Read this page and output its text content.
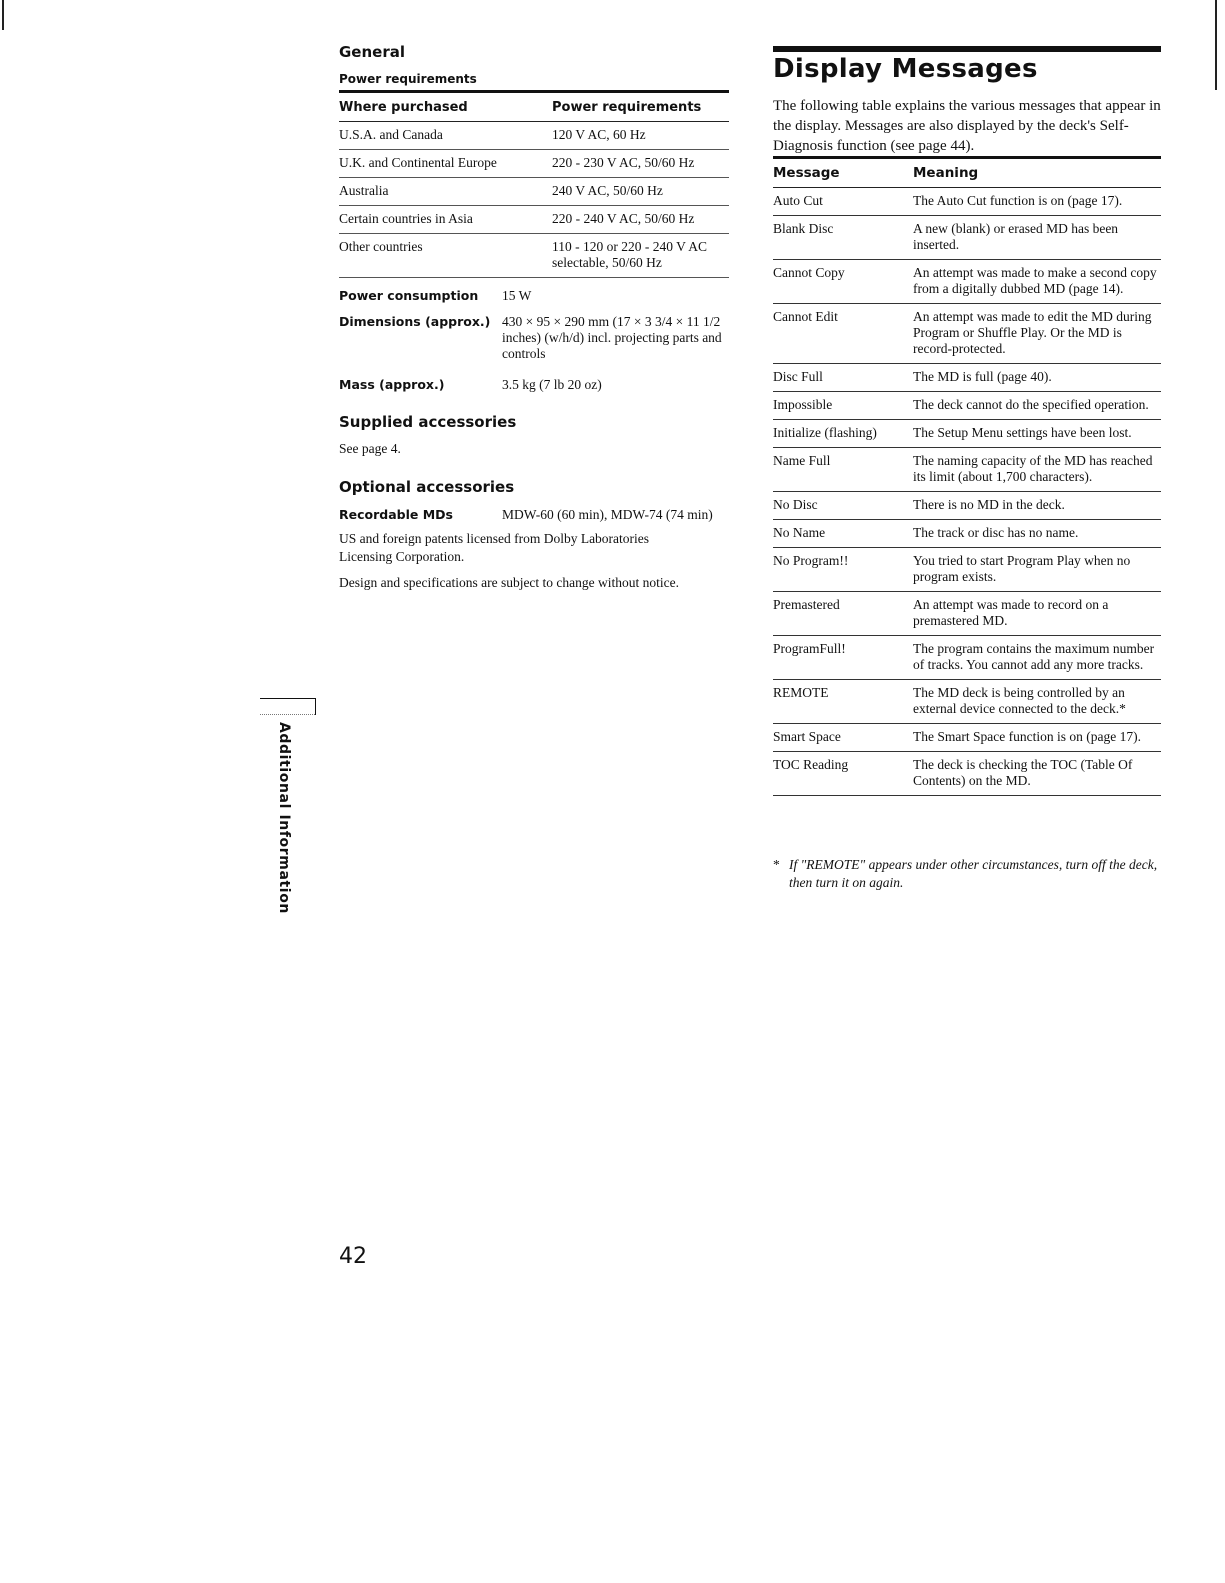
General
Power requirements
Where purchased	Power requirements
U.S.A. and Canada	120 V AC, 60 Hz
U.K. and Continental Europe	220 - 230 V AC, 50/60 Hz
Australia	240 V AC, 50/60 Hz
Certain countries in Asia	220 - 240 V AC, 50/60 Hz
Other countries	110 - 120 or 220 - 240 V AC selectable, 50/60 Hz
Power consumption	15 W
Dimensions (approx.) 430 × 95 × 290 mm (17 × 3 3/4 × 11 1/2 inches) (w/h/d) incl. projecting parts and controls
Mass (approx.)	3.5 kg (7 lb 20 oz)
Supplied accessories
See page 4.
Optional accessories
Recordable MDs	MDW-60 (60 min), MDW-74 (74 min)
US and foreign patents licensed from Dolby Laboratories Licensing Corporation.
Design and specifications are subject to change without notice.
Display Messages
The following table explains the various messages that appear in the display. Messages are also displayed by the deck's Self-Diagnosis function (see page 44).
Message	Meaning
Auto Cut	The Auto Cut function is on (page 17).
Blank Disc	A new (blank) or erased MD has been inserted.
Cannot Copy	An attempt was made to make a second copy from a digitally dubbed MD (page 14).
Cannot Edit	An attempt was made to edit the MD during Program or Shuffle Play. Or the MD is record-protected.
Disc Full	The MD is full (page 40).
Impossible	The deck cannot do the specified operation.
Initialize (flashing)	The Setup Menu settings have been lost.
Name Full	The naming capacity of the MD has reached its limit (about 1,700 characters).
No Disc	There is no MD in the deck.
No Name	The track or disc has no name.
No Program!!	You tried to start Program Play when no program exists.
Premastered	An attempt was made to record on a premastered MD.
ProgramFull!	The program contains the maximum number of tracks. You cannot add any more tracks.
REMOTE	The MD deck is being controlled by an external device connected to the deck.*
Smart Space	The Smart Space function is on (page 17).
TOC Reading	The deck is checking the TOC (Table Of Contents) on the MD.
* If "REMOTE" appears under other circumstances, turn off the deck,
then turn it on again.
Additional Information
42
